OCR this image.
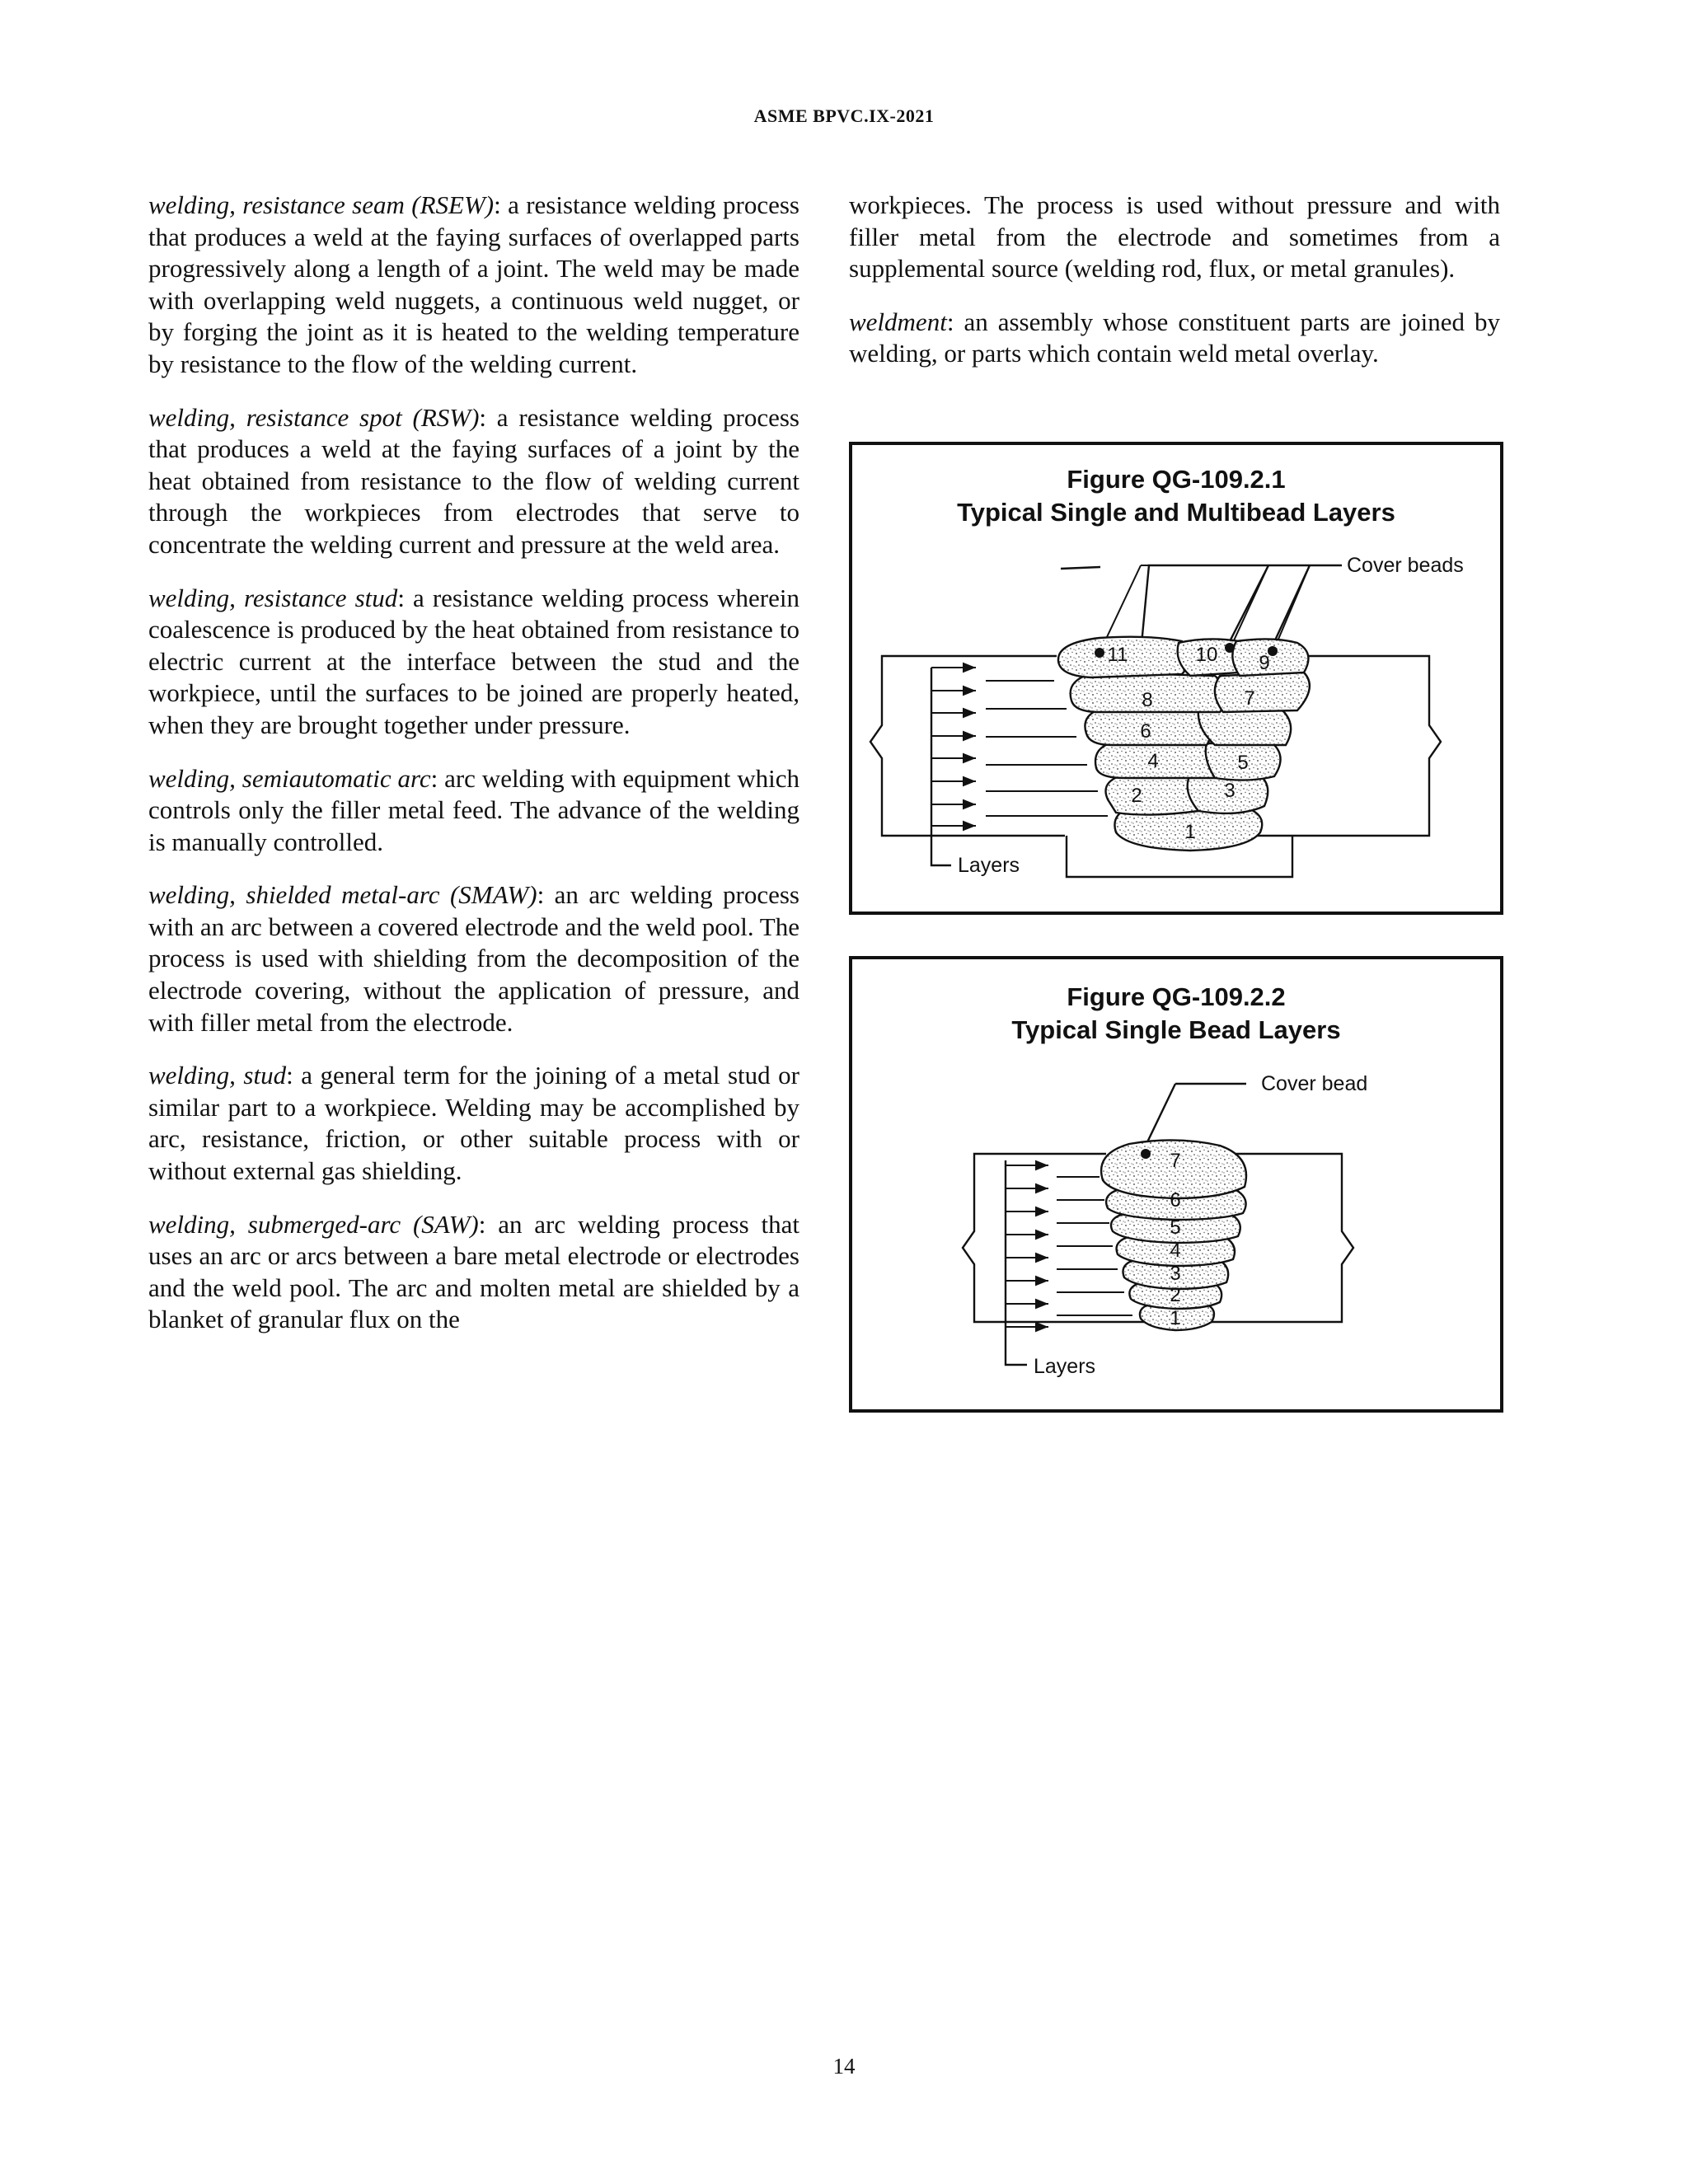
ASME BPVC.IX-2021

welding, resistance seam (RSEW): a resistance welding process that produces a weld at the faying surfaces of overlapped parts progressively along a length of a joint. The weld may be made with overlapping weld nuggets, a continuous weld nugget, or by forging the joint as it is heated to the welding temperature by resistance to the flow of the welding current.

welding, resistance spot (RSW): a resistance welding process that produces a weld at the faying surfaces of a joint by the heat obtained from resistance to the flow of welding current through the workpieces from electrodes that serve to concentrate the welding current and pressure at the weld area.

welding, resistance stud: a resistance welding process wherein coalescence is produced by the heat obtained from resistance to electric current at the interface between the stud and the workpiece, until the surfaces to be joined are properly heated, when they are brought together under pressure.

welding, semiautomatic arc: arc welding with equipment which controls only the filler metal feed. The advance of the welding is manually controlled.

welding, shielded metal-arc (SMAW): an arc welding process with an arc between a covered electrode and the weld pool. The process is used with shielding from the decomposition of the electrode covering, without the application of pressure, and with filler metal from the electrode.

welding, stud: a general term for the joining of a metal stud or similar part to a workpiece. Welding may be accomplished by arc, resistance, friction, or other suitable process with or without external gas shielding.

welding, submerged-arc (SAW): an arc welding process that uses an arc or arcs between a bare metal electrode or electrodes and the weld pool. The arc and molten metal are shielded by a blanket of granular flux on the

workpieces. The process is used without pressure and with filler metal from the electrode and sometimes from a supplemental source (welding rod, flux, or metal granules).

weldment: an assembly whose constituent parts are joined by welding, or parts which contain weld metal overlay.

Figure QG-109.2.1
Typical Single and Multibead Layers
1
2	3
4	5
6
7
8
9
10
11
Cover beads
Layers
Figure QG-109.2.2
Typical Single Bead Layers
1
2
3
4
5
6
7
Cover bead
Layers
14
